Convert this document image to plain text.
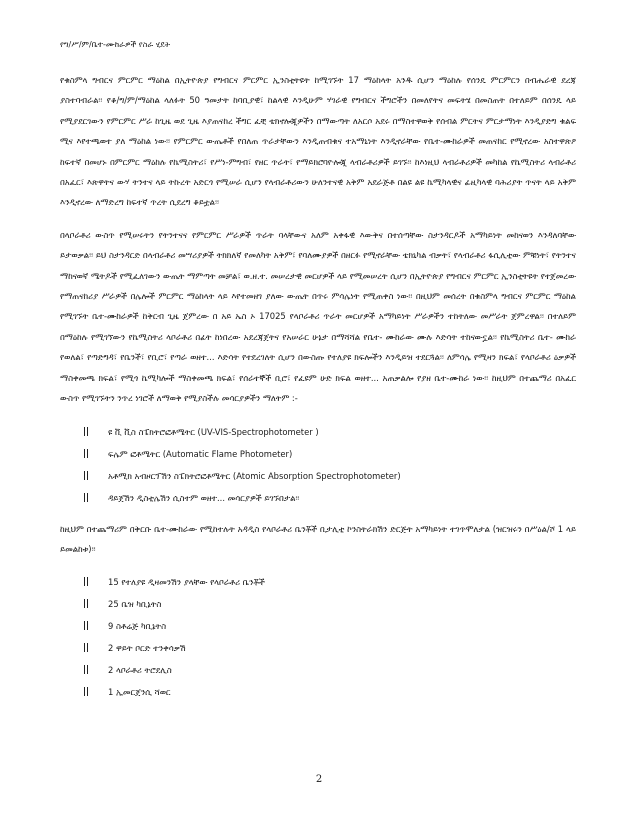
የግ/ሥ/ም/ቤተ-ሙከራዎች የስራ ሂደት

የቁስምላ ግብርና ምርምር ማዕከል በኢትዮጵያ የግብርና ምርምር ኢንስቲትዩት ከሚገኙት 17 ማዕከላት አንዱ ሲሆን ማዕከሉ የሰንዴ ምርምርን በብሔራዊ ደረጃ ያስተባብራል፡፡ የቆ/ግ/ም/ማዕከል ላለፉት 50 ዓመታት ከባቢያዊ፣ ከልላዊ እንዲሁም ሃገራዊ የግብርና ችግሮችን በመለየትና መፍትሄ በመስጠት በተለይም በሰንዴ ላይ የሚያደርገውን የምርምር ሥራ ከጊዜ ወደ ጊዜ እያጠናከረ ችግር ፈቺ ቴክኖሎጂዎችን በማውጣት ለአርሶ አደሩ በማስተዋወቅ የሰብል ምርትና ምርታማነት እንዲያድግ ቁልፍ ሚና እየተጫወተ ያለ ማዕከል ነው፡፡ የምርምር ውጤቶች የበለጠ ጥራታቸውን እንዲጠብቁና ተአማኒነት እንዲኖራቸው የቤተ-ሙከራዎች መጠናከር የሚኖረው አስተዋጽዖ ከፍተኛ በመሆኑ በምርምር ማዕከሉ የኬሚስትሪ፣ የሥነ-ምግብ፣ የዘር ጥራት፣ የማይክሮባዮሎጂ ላብራቶሪዎች ይገኙ፡፡ ከእነዚህ ላብራቶሪዎች መካከል የኬሚስትሪ ላብራቶሪ በአፈር፣ እጽዋትና ውሃ ትንተና ላይ ትኩረት አድርጎ የሚሠራ ሲሆን የላብራቶሪውን ሁለንተናዊ አቅም አደራጅቶ በልዩ ልዩ ኬሚካላዊና ፊዚካላዊ ባሕሪያት ጥናት ላይ አቅም እንዲኖረው ለማድረግ ከፍተኛ ጥረት ሲደረግ ቆይቷል፡፡

በላቦራቶሪ ውስጥ የሚሠሩትን የትንተናና የምርምር ሥራዎች ጥራት ባላቸውና አለም አቀፋዊ እውቅና በተሰጣቸው ስታንዳርዶች አማካይነት መከናወን እንዳለባቸው ይታወቃል፡፡ ይህ ስታንዳርድ በላብራቶሪ መሣሪያዎች ትክክለኛ የመለካት አቅም፣ የባለሙያዎች በዘርፉ የሚኖራቸው ቴክኒካል ብቃት፣ የላብራቶሪ ፋሲሊቲው ምቹነት፣ የትንተና ማከናወኛ ሜትዶች የሚፈለገውን ውጤት ማምጣት መቻል፣ ወ.ዘ.ተ. መሠረታዊ መርሆዎች ላይ የሚመሠረት ሲሆን በኢትዮጵያ የግብርና ምርምር ኢንስቲትዩት የተጀመረው የማጠናከሪያ ሥራዎች በሌሎች ምርምር ማዕከላት ላይ እየተመዘገ ያለው ውጤት በጥሩ ምሳሌነት የሚጠቀስ ነው፡፡ በዚህም መሰረት በቁስምላ ግብርና ምርምር ማዕከል የሚገኙት ቤተ-ሙከራዎች ከቅርብ ጊዜ ጀምረው በ አይ ኤስ ኦ 17025 የላቦራቶሪ ጥራት መርሆዎች አማካይነት ሥራዎችን ተከትለው መሥራት ጀምረዋል፡፡ በተለይም በማዕከሉ የሚገኘውን የኬሚስትሪ ላቦራቶሪ በፊት ከነበረው አደረጃጀትና የአሠራር ሁኔታ በማሻሻል የቤተ- ሙከራው ሙሉ እድሳት ተከናውኗል፡፡ የኬሚስትሪ ቤተ- ሙከራ የወለል፣ የጣድግዳ፣ የቤንች፣ የቢሮ፣ የጣራ ወዘተ... እድሳት የተደረገለት ሲሆን በውስጡ የተለያዩ ክፍሎችን እንዲይዝ ተደርጓል፡፡ ለምሳሌ የሚዛን ክፍል፣ የላቦራቶሪ ዕቃዎች ማስቀመጫ ክፍል፣ የሚጎ ኬሚካሎች ማስቀመጫ ክፍል፣ የሰራተኞች ቢሮ፣ የፈዩም ሁድ ክፍል ወዘተ... አጠቃልሎ የያዘ ቤተ-ሙከራ ነው፡፡ ከዚህም በተጨማሪ በአፈር ውስጥ የሚገኙትን ንጥረ ነገሮች ለማወቅ የሚያስችሉ መሳርያዎችን ማለትም :-

ዩ ቪ ቪስ ስፔክትሮፎቶሜትር (UV-VIS-Spectrophotometer )
ፍሌም ፎቶሜትር (Automatic Flame Photometer)
አቶሚክ አብዞርፕሽን ስፔክትሮፎቶሜትር (Atomic Absorption Spectrophotometer)
ዳይጀሽን ዲስቲሌሽን ሲስተም ወዘተ... መሳርያዎች ይገኙበታል፡፡

ከዚህም በተጨማሪም በቅርቡ ቤተ-ሙከራው የሚከተሉት አዳዲስ የላቦራቶሪ ቤንቾች ቢታሊቲ ኮንስትራክሽን ድርጅት አማካይነት ተገጥሞለታል (ዝርዝሩን በሥዕል/ሾ 1 ላይ ይመልከቱ)፡፡

15 የተለያዩ ዲዛመንሽን ያላቸው የላቦራቶሪ ቤንቾች
25 ቤዝ ካቢኔትስ
9 ስቶሬጅ ካቢኔትስ
2 ዋይት ቦርድ ተንቀሳቃሽ
2 ላቦራቶሪ ትሮደሊስ
1 ኢመርጀንሲ ሻወር
2
